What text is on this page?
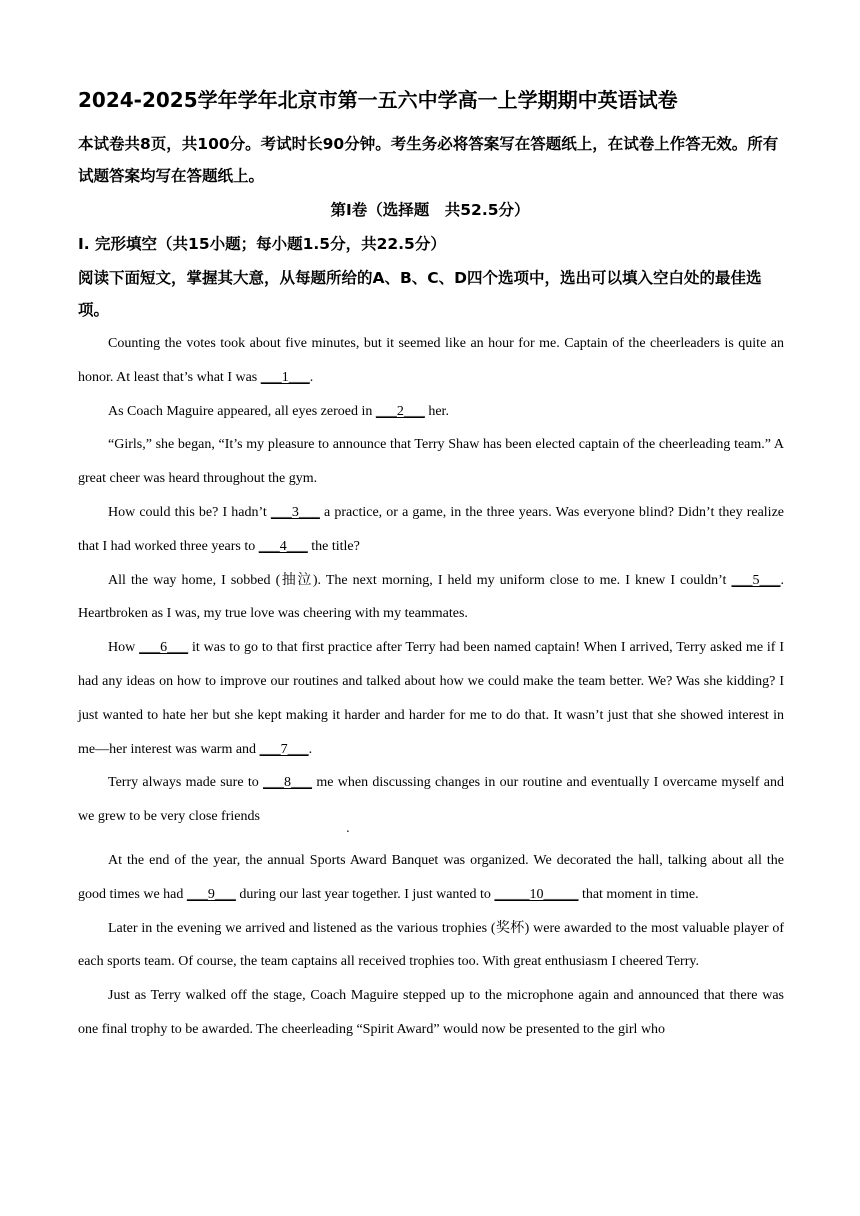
2024-2025学年学年北京市第一五六中学高一上学期期中英语试卷
本试卷共8页，共100分。考试时长90分钟。考生务必将答案写在答题纸上，在试卷上作答无效。所有试题答案均写在答题纸上。
第Ⅰ卷（选择题　共52.5分）
Ⅰ. 完形填空（共15小题；每小题1.5分，共22.5分）
阅读下面短文，掌握其大意，从每题所给的A、B、C、D四个选项中，选出可以填入空白处的最佳选项。

Counting the votes took about five minutes, but it seemed like an hour for me. Captain of the cheerleaders is quite an honor. At least that’s what I was ___1___.

As Coach Maguire appeared, all eyes zeroed in ___2___ her.

“Girls,” she began, “It’s my pleasure to announce that Terry Shaw has been elected captain of the cheerleading team.” A great cheer was heard throughout the gym.

How could this be? I hadn’t ___3___ a practice, or a game, in the three years. Was everyone blind? Didn’t they realize that I had worked three years to ___4___ the title?

All the way home, I sobbed (抽泣). The next morning, I held my uniform close to me. I knew I couldn’t ___5___. Heartbroken as I was, my true love was cheering with my teammates.

How ___6___ it was to go to that first practice after Terry had been named captain! When I arrived, Terry asked me if I had any ideas on how to improve our routines and talked about how we could make the team better. We? Was she kidding? I just wanted to hate her but she kept making it harder and harder for me to do that. It wasn’t just that she showed interest in me—her interest was warm and ___7___.

Terry always made sure to ___8___ me when discussing changes in our routine and eventually I overcame myself and we grew to be very close friends

At the end of the year, the annual Sports Award Banquet was organized. We decorated the hall, talking about all the good times we had ___9___ during our last year together. I just wanted to _____10_____ that moment in time.

Later in the evening we arrived and listened as the various trophies (奖杯) were awarded to the most valuable player of each sports team. Of course, the team captains all received trophies too. With great enthusiasm I cheered Terry.

Just as Terry walked off the stage, Coach Maguire stepped up to the microphone again and announced that there was one final trophy to be awarded. The cheerleading “Spirit Award” would now be presented to the girl who

.
